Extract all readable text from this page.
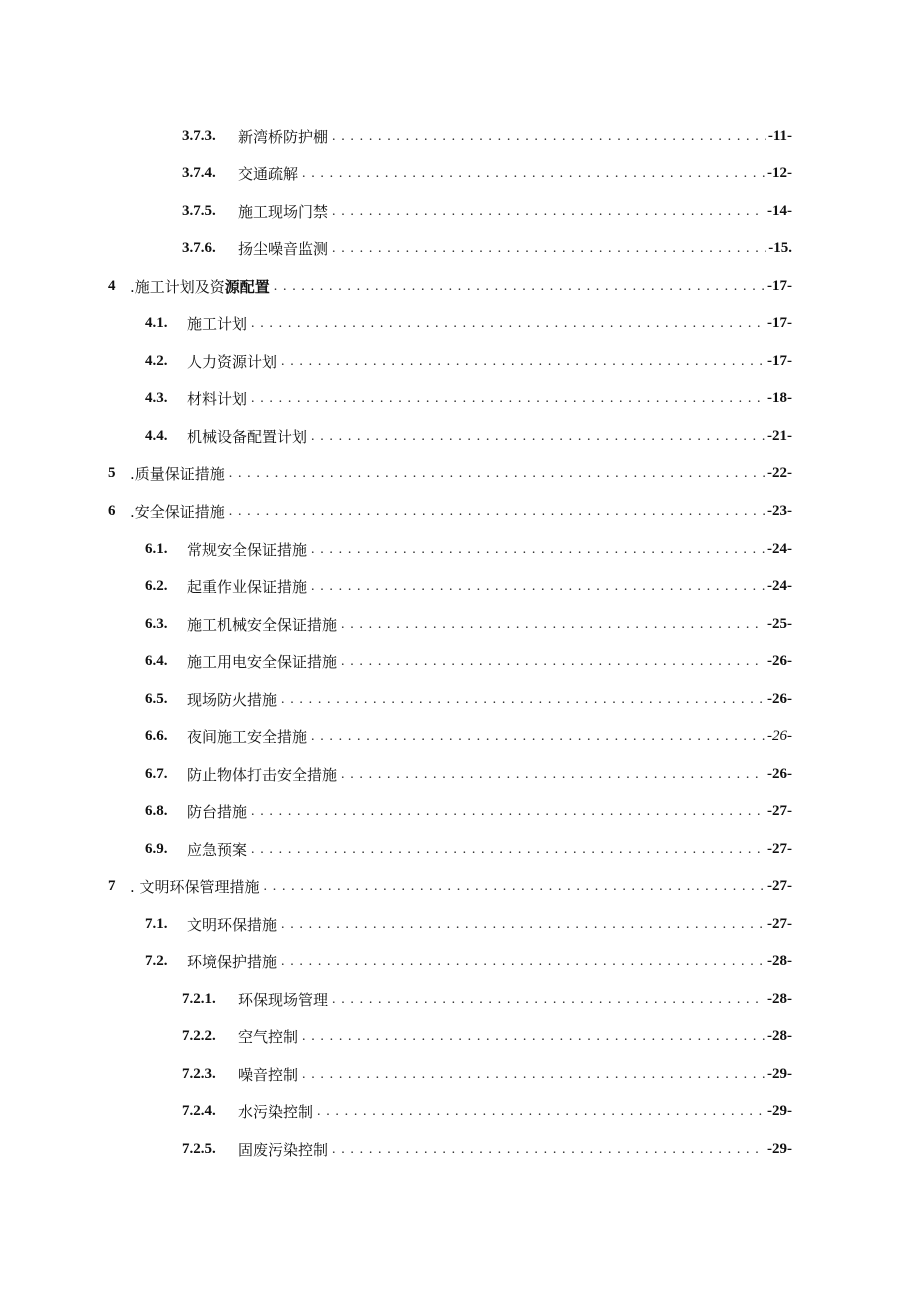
3.7.3.	新湾桥防护棚 . . .	-11-
3.7.4.	交通疏解 . . .	-12-
3.7.5.	施工现场门禁 . . .	-14-
3.7.6.	扬尘噪音监测 . . .	-15.
4 .施工计划及资源配置 . . .	-17-
4.1.	施工计划 . . .	-17-
4.2.	人力资源计划 . . .	-17-
4.3.	材料计划 . . .	-18-
4.4.	机械设备配置计划 . . .	-21-
5 .质量保证措施 . . .	-22-
6 .安全保证措施 . . .	-23-
6.1.	常规安全保证措施 . . .	-24-
6.2.	起重作业保证措施 . . .	-24-
6.3.	施工机械安全保证措施 . . .	-25-
6.4.	施工用电安全保证措施 . . .	-26-
6.5.	现场防火措施 . . .	-26-
6.6.	夜间施工安全措施 . . .	-26-
6.7.	防止物体打击安全措施 . . .	-26-
6.8.	防台措施 . . .	-27-
6.9.	应急预案 . . .	-27-
7 . 文明环保管理措施 . . .	-27-
7.1.	文明环保措施 . . .	-27-
7.2.	环境保护措施 . . .	-28-
7.2.1.	环保现场管理 . . .	-28-
7.2.2.	空气控制 . . .	-28-
7.2.3.	噪音控制 . . .	-29-
7.2.4.	水污染控制 . . .	-29-
7.2.5.	固废污染控制 . . .	-29-
